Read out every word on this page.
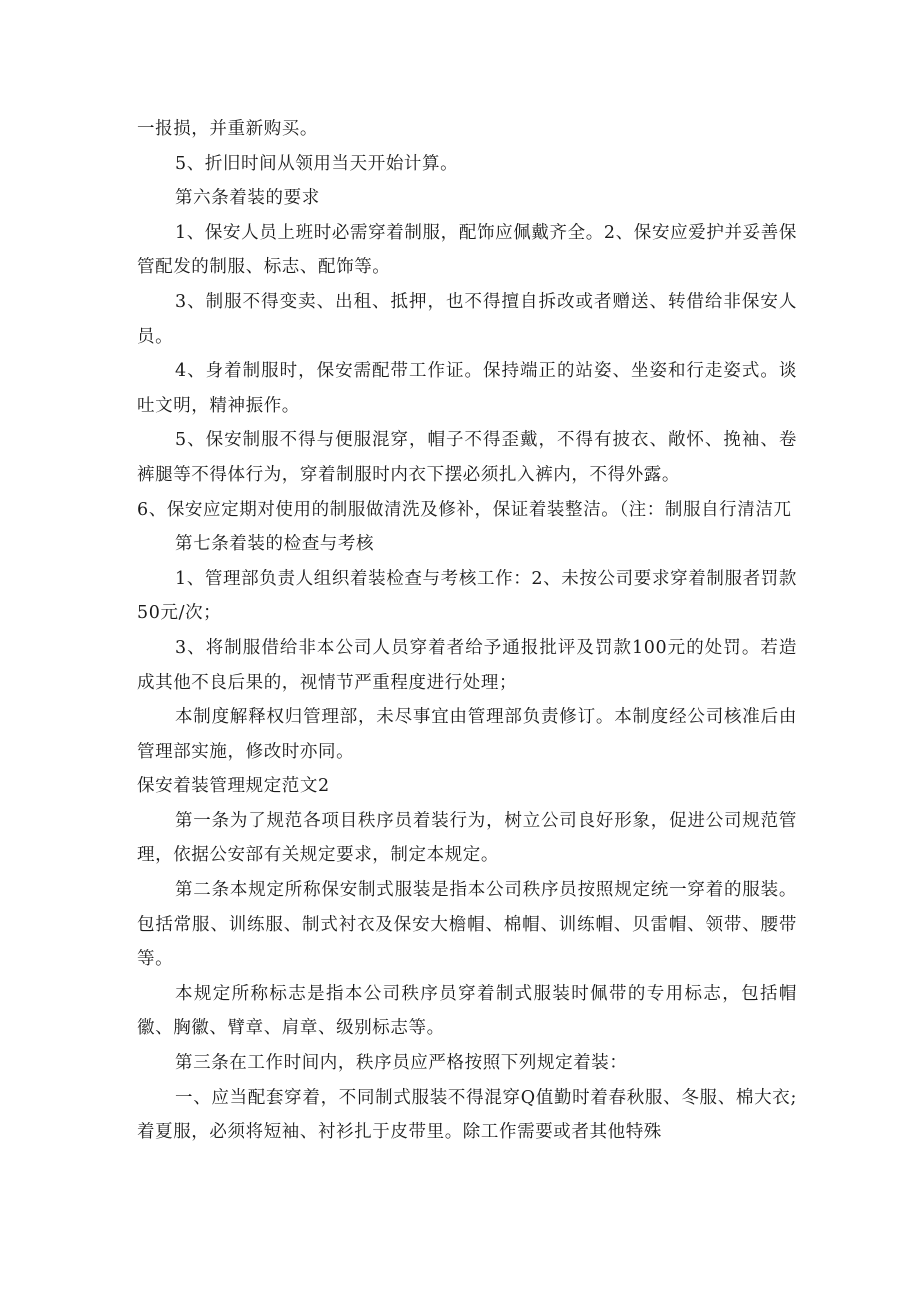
一报损，并重新购买。

5、折旧时间从领用当天开始计算。

第六条着装的要求

1、保安人员上班时必需穿着制服，配饰应佩戴齐全。2、保安应爱护并妥善保管配发的制服、标志、配饰等。

3、制服不得变卖、出租、抵押，也不得擅自拆改或者赠送、转借给非保安人员。

4、身着制服时，保安需配带工作证。保持端正的站姿、坐姿和行走姿式。谈吐文明，精神振作。

5、保安制服不得与便服混穿，帽子不得歪戴，不得有披衣、敞怀、挽袖、卷裤腿等不得体行为，穿着制服时内衣下摆必须扎入裤内，不得外露。

6、保安应定期对使用的制服做清洗及修补，保证着装整洁。（注：制服自行清洁兀

第七条着装的检查与考核

1、管理部负责人组织着装检查与考核工作：2、未按公司要求穿着制服者罚款50元/次；

3、将制服借给非本公司人员穿着者给予通报批评及罚款100元的处罚。若造成其他不良后果的，视情节严重程度进行处理；

本制度解释权归管理部，未尽事宜由管理部负责修订。本制度经公司核准后由管理部实施，修改时亦同。

保安着装管理规定范文2

第一条为了规范各项目秩序员着装行为，树立公司良好形象，促进公司规范管理，依据公安部有关规定要求，制定本规定。

第二条本规定所称保安制式服装是指本公司秩序员按照规定统一穿着的服装。包括常服、训练服、制式衬衣及保安大檐帽、棉帽、训练帽、贝雷帽、领带、腰带等。

本规定所称标志是指本公司秩序员穿着制式服装时佩带的专用标志，包括帽徽、胸徽、臂章、肩章、级别标志等。

第三条在工作时间内，秩序员应严格按照下列规定着装：

一、应当配套穿着，不同制式服装不得混穿Q值勤时着春秋服、冬服、棉大衣;着夏服，必须将短袖、衬衫扎于皮带里。除工作需要或者其他特殊
